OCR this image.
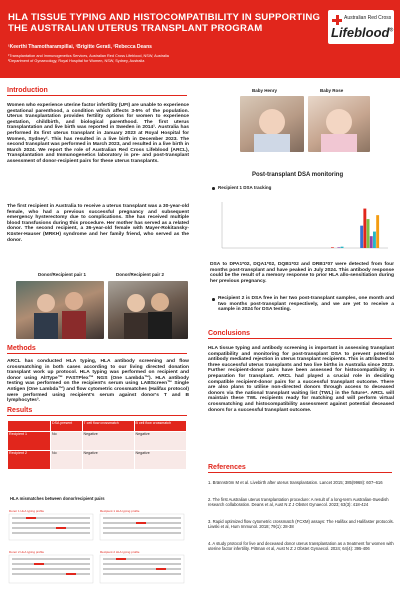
HLA TISSUE TYPING AND HISTOCOMPATIBILITY IN SUPPORTING THE AUSTRALIAN UTERUS TRANSPLANT PROGRAM
¹Keerthi Thamotharampillai, ¹Brigitte Gerati, ²Rebecca Deans
¹Transplantation and Immunogenetics Services, Australian Red Cross Lifeblood, NSW, Australia
²Department of Gynaecology, Royal Hospital for Women, NSW, Sydney, Australia
Australian Red Cross
Lifeblood®
Introduction
Women who experience uterine factor infertility (UFI) are unable to experience gestational parenthood, a condition which affects 3-5% of the population. Uterus transplantation provides fertility options for women to experience gestation, childbirth, and biological parenthood. The first uterus transplantation and live birth was reported in Sweden in 2014¹. Australia has performed its first uterus transplant in January 2023 at Royal Hospital for Women, Sydney². This has resulted in a live birth in December 2023. The second transplant was performed in March 2023, and resulted in a live birth in March 2024. We report the role of Australian Red Cross Lifeblood (ARCL), Transplantation and Immunogenetics laboratory in pre- and post-transplant assessment of donor-recipient pairs for these uterus transplants.
The first recipient in Australia to receive a uterus transplant was a 30-year-old female, who had a previous successful pregnancy and subsequent emergency hysterectomy due to complications. She has received multiple blood transfusions during this procedure. Her mother has served as a related donor. The second recipient, a 36-year-old female with Mayer-Rokitansky-Küster-Hauser (MRKH) syndrome and her family friend, who served as the donor.
Donor/Recipient pair 1	Donor/Recipient pair 2
Methods
ARCL has conducted HLA typing, HLA antibody screening and flow crossmatching in both cases according to our living directed donation transplant work up protocol. HLA typing was performed on recipient and donor using AlIType™ FASTPlex™ NGS (One Lambda™). HLA antibody testing was performed on the recipient's serum using LABScreen™ Single Antigen (One Lambda™) and flow cytometric crossmatches (Halifax protocol) were performed using recipient's serum against donor's T and B lymphocytes³.
Results
	DSA present	T cell flow crossmatch	B cell flow crossmatch
Recipient 1	No	Negative	Negative
Recipient 2	No	Negative	Negative
HLA mismatches between donor/recipient pairs
Donor 1 HLA typing profile	Recipient 1 HLA typing profile
Donor 2 HLA typing profile	Recipient 2 HLA typing profile
Baby Henry	Baby Rose
Post-transplant DSA monitoring
Recipient 1 DSA tracking
DSA to DPA1*02, DQA1*02, DQB1*02 and DRB1*07 were detected from four months post-transplant and have peaked in July 2024. This antibody response could be the result of a memory response to prior HLA allo-sensitiation during her previous pregnancy.
Recipient 2 is DSA free in her two post-transplant samples, one month and two months post-transplant respectively, and we are yet to receive a sample in 2024 for DSA testing.
Conclusions
HLA tissue typing and antibody screening is important in assessing transplant compatibility and monitoring for post-transplant DSA to prevent potential antibody mediated rejection in uterus transplant recipients. This is attributed to three successful uterus transplants and two live births in Australia since 2023. Further recipient-donor pairs have been assessed for histocompatibility in preparation for transplant. ARCL had played a crucial role in deciding compatible recipient-donor pairs for a successful transplant outcome. There are also plans to utilise non-directed donors through access to deceased donors via the national transplant waiting list (TWL) in the future⁴. ARCL will maintain these TWL recipients ready for matching and will perform virtual crossmatching and histocompatibility assessment against potential deceased donors for a successful transplant outcome.
References
1. Brännström M et al. Livebirth after uterus transplantation. Lancet 2015; 385(9968): 607–616
2. The first Australian uterus transplantation procedure: A result of a long-term Australian-Swedish research collaboration. Deans et al, Aust N Z J Obstet Gynaecol. 2023; 63(3): 418-424
3. Rapid optimized flow cytometric crossmatch (FCXM) assays: The Halifax and Halifaster protocols. Liwski et al, Hum Immunol. 2018; 79(1): 28-38
4. A study protocol for live and deceased donor uterus transplantation as a treatment for women with uterine factor infertility. Pittman et al, Aust N Z J Obstet Gynaecol. 2024; 64(4): 395-406
